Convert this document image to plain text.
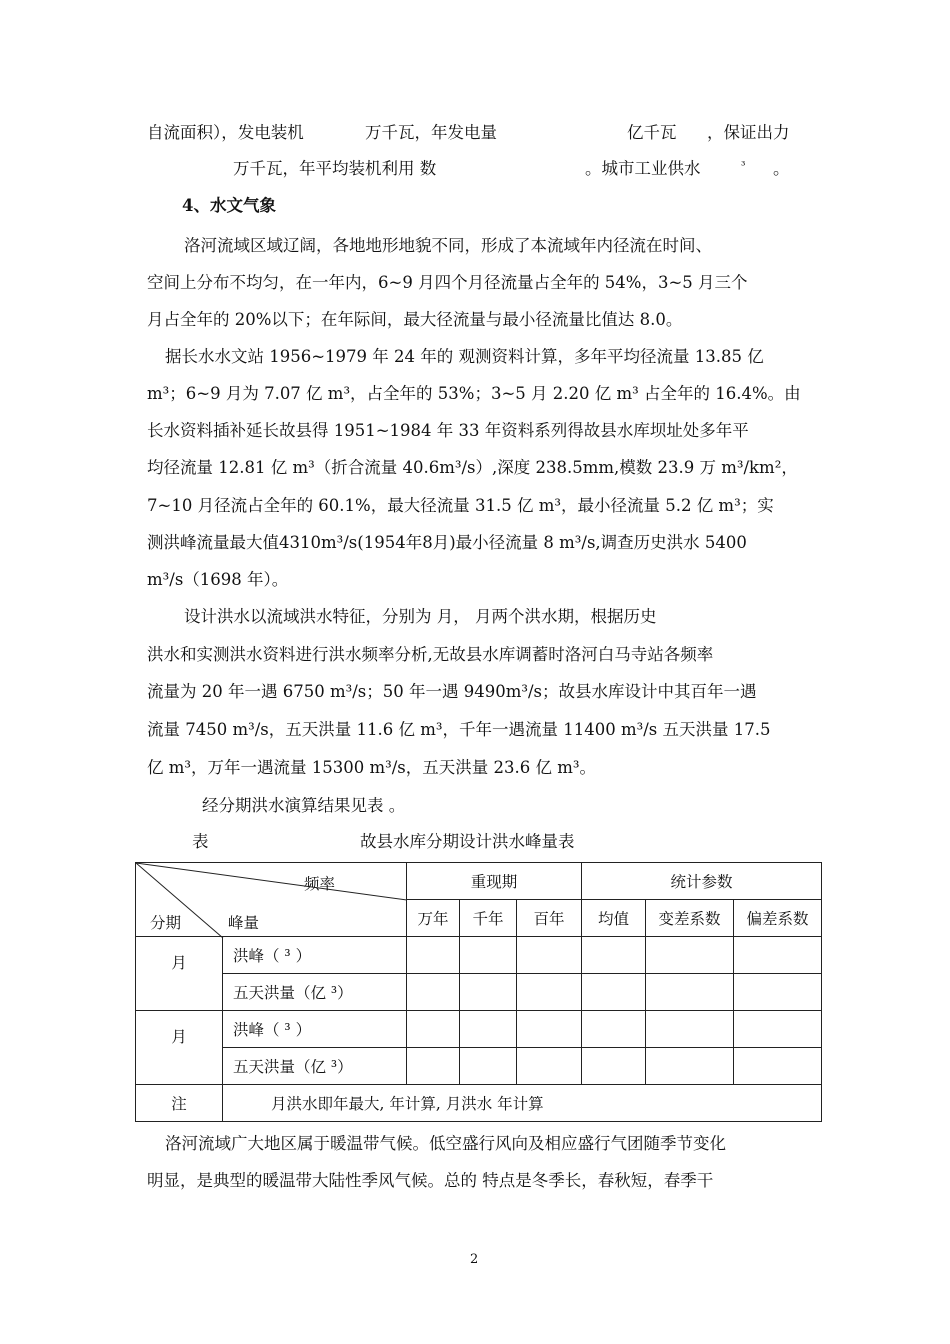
自流面积），发电装机	万千瓦，年发电量	亿千瓦 ，保证出力
万千瓦，年平均装机利用 数	。城市工业供水	³ 。
4、水文气象
洛河流域区域辽阔，各地地形地貌不同，形成了本流域年内径流在时间、
空间上分布不均匀，在一年内，6~9 月四个月径流量占全年的 54%，3~5 月三个
月占全年的 20%以下；在年际间，最大径流量与最小径流量比值达 8.0。
据长水水文站 1956~1979 年 24 年的 观测资料计算，多年平均径流量 13.85 亿
m³；6~9 月为 7.07 亿 m³，占全年的 53%；3~5 月 2.20 亿 m³ 占全年的 16.4%。由
长水资料插补延长故县得 1951~1984 年 33 年资料系列得故县水库坝址处多年平
均径流量 12.81 亿 m³（折合流量 40.6m³/s）,深度 238.5mm,模数 23.9 万 m³/km²，
7~10 月径流占全年的 60.1%，最大径流量 31.5 亿 m³，最小径流量 5.2 亿 m³；实
测洪峰流量最大值4310m³/s(1954年8月)最小径流量 8 m³/s,调查历史洪水 5400
m³/s（1698 年）。
设计洪水以流域洪水特征，分别为 月， 月两个洪水期，根据历史
洪水和实测洪水资料进行洪水频率分析,无故县水库调蓄时洛河白马寺站各频率
流量为 20 年一遇 6750 m³/s；50 年一遇 9490m³/s；故县水库设计中其百年一遇
流量 7450 m³/s，五天洪量 11.6 亿 m³，千年一遇流量 11400 m³/s 五天洪量 17.5
亿 m³，万年一遇流量 15300 m³/s，五天洪量 23.6 亿 m³。
经分期洪水演算结果见表 。
表	故县水库分期设计洪水峰量表
频率
分期 峰量		重现期			统计参数		
		万年	千年	百年	均值	变差系数	偏差系数
月	洪峰（ ³ ）						
	五天洪量（亿 ³）						
月	洪峰（ ³ ）						
	五天洪量（亿 ³）						
注	月洪水即年最大, 年计算, 月洪水 年计算						
洛河流域广大地区属于暖温带气候。低空盛行风向及相应盛行气团随季节变化
明显，是典型的暖温带大陆性季风气候。总的 特点是冬季长，春秋短，春季干
2
